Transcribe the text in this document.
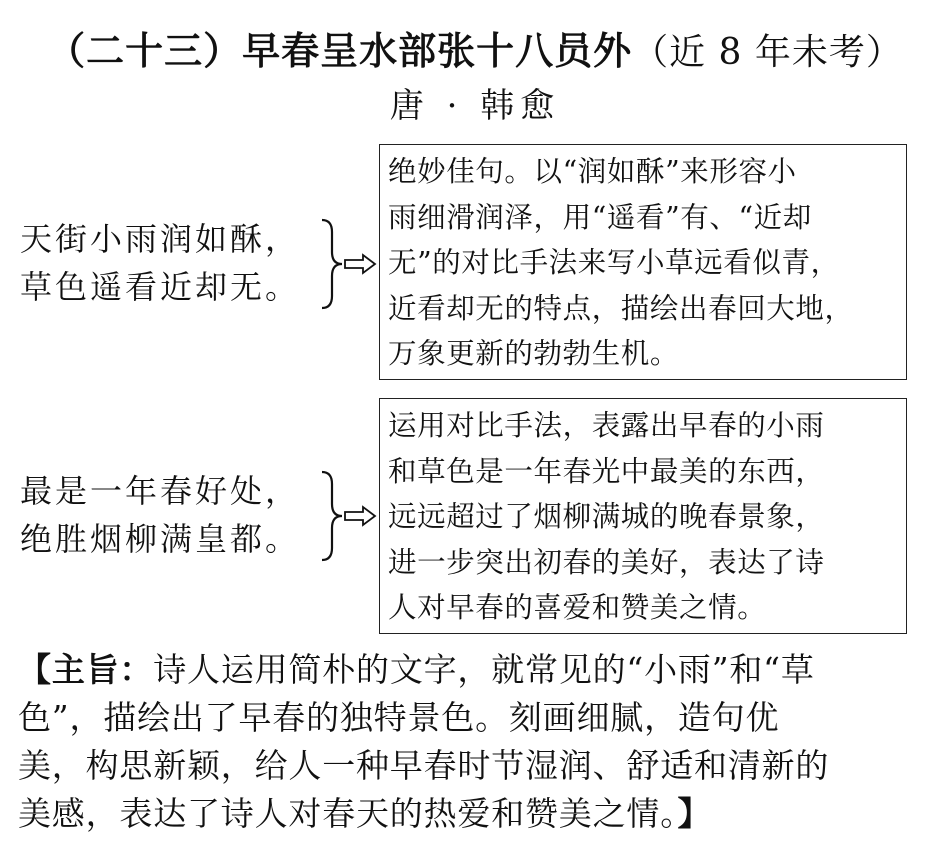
（二十三）早春呈水部张十八员外（近 8 年未考）
唐 · 韩愈
天街小雨润如酥，
草色遥看近却无。

绝妙佳句。以“润如酥”来形容小

雨细滑润泽，用“遥看”有、“近却

无”的对比手法来写小草远看似青，

近看却无的特点，描绘出春回大地，

万象更新的勃勃生机。

最是一年春好处，
绝胜烟柳满皇都。

运用对比手法，表露出早春的小雨

和草色是一年春光中最美的东西，

远远超过了烟柳满城的晚春景象，

进一步突出初春的美好，表达了诗

人对早春的喜爱和赞美之情。

【主旨：诗人运用简朴的文字，就常见的“小雨”和“草

色”，描绘出了早春的独特景色。刻画细腻，造句优

美，构思新颖，给人一种早春时节湿润、舒适和清新的

美感，表达了诗人对春天的热爱和赞美之情。】
